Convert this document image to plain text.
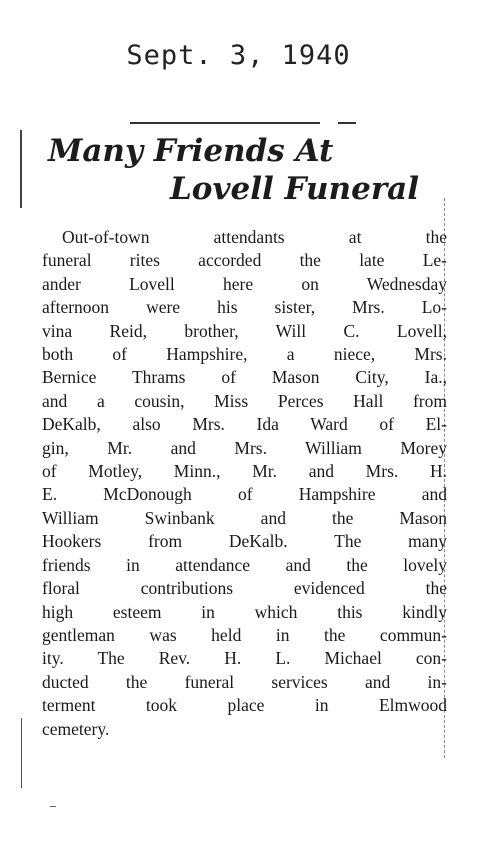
Sept. 3, 1940
Many Friends At
Lovell Funeral
Out-of-town attendants at the
funeral rites accorded the late Le-
ander Lovell here on Wednesday
afternoon were his sister, Mrs. Lo-
vina Reid, brother, Will C. Lovell,
both of Hampshire, a niece, Mrs.
Bernice Thrams of Mason City, Ia.,
and a cousin, Miss Perces Hall from
DeKalb, also Mrs. Ida Ward of El-
gin, Mr. and Mrs. William Morey
of Motley, Minn., Mr. and Mrs. H.
E. McDonough of Hampshire and
William Swinbank and the Mason
Hookers from DeKalb. The many
friends in attendance and the lovely
floral contributions evidenced the
high esteem in which this kindly
gentleman was held in the commun-
ity. The Rev. H. L. Michael con-
ducted the funeral services and in-
terment took place in Elmwood
cemetery.
